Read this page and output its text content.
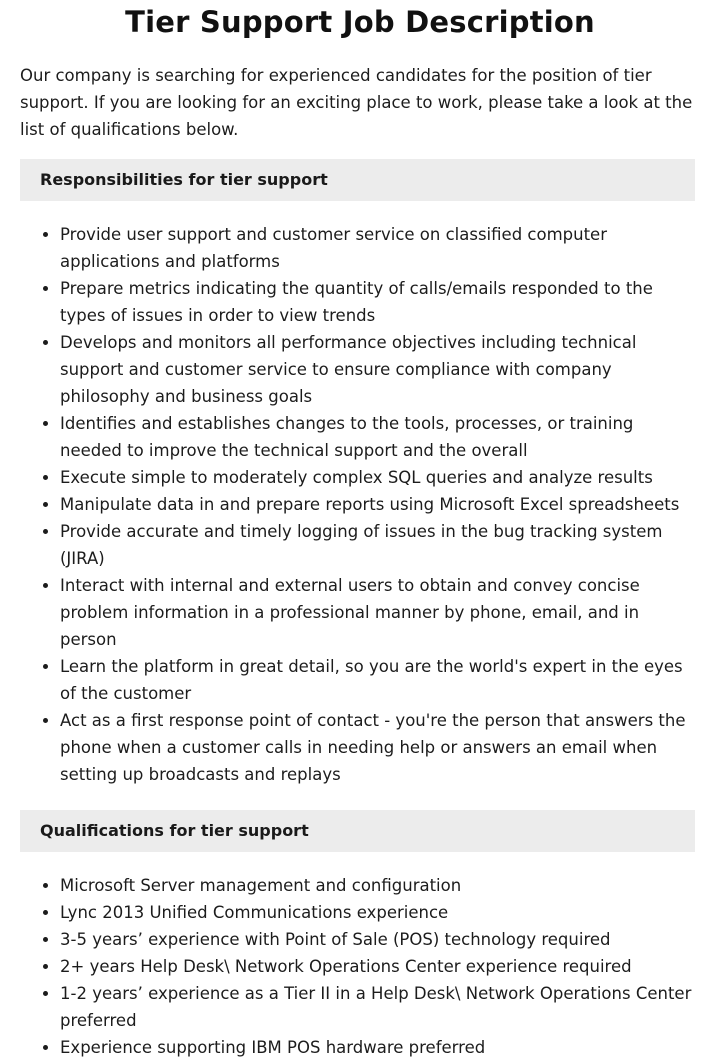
Tier Support Job Description

Our company is searching for experienced candidates for the position of tier support. If you are looking for an exciting place to work, please take a look at the list of qualifications below.

Responsibilities for tier support
Provide user support and customer service on classified computer applications and platforms
Prepare metrics indicating the quantity of calls/emails responded to the types of issues in order to view trends
Develops and monitors all performance objectives including technical support and customer service to ensure compliance with company philosophy and business goals
Identifies and establishes changes to the tools, processes, or training needed to improve the technical support and the overall
Execute simple to moderately complex SQL queries and analyze results
Manipulate data in and prepare reports using Microsoft Excel spreadsheets
Provide accurate and timely logging of issues in the bug tracking system (JIRA)
Interact with internal and external users to obtain and convey concise problem information in a professional manner by phone, email, and in person
Learn the platform in great detail, so you are the world's expert in the eyes of the customer
Act as a first response point of contact - you're the person that answers the phone when a customer calls in needing help or answers an email when setting up broadcasts and replays
Qualifications for tier support
Microsoft Server management and configuration
Lync 2013 Unified Communications experience
3-5 years’ experience with Point of Sale (POS) technology required
2+ years Help Desk\ Network Operations Center experience required
1-2 years’ experience as a Tier II in a Help Desk\ Network Operations Center preferred
Experience supporting IBM POS hardware preferred
